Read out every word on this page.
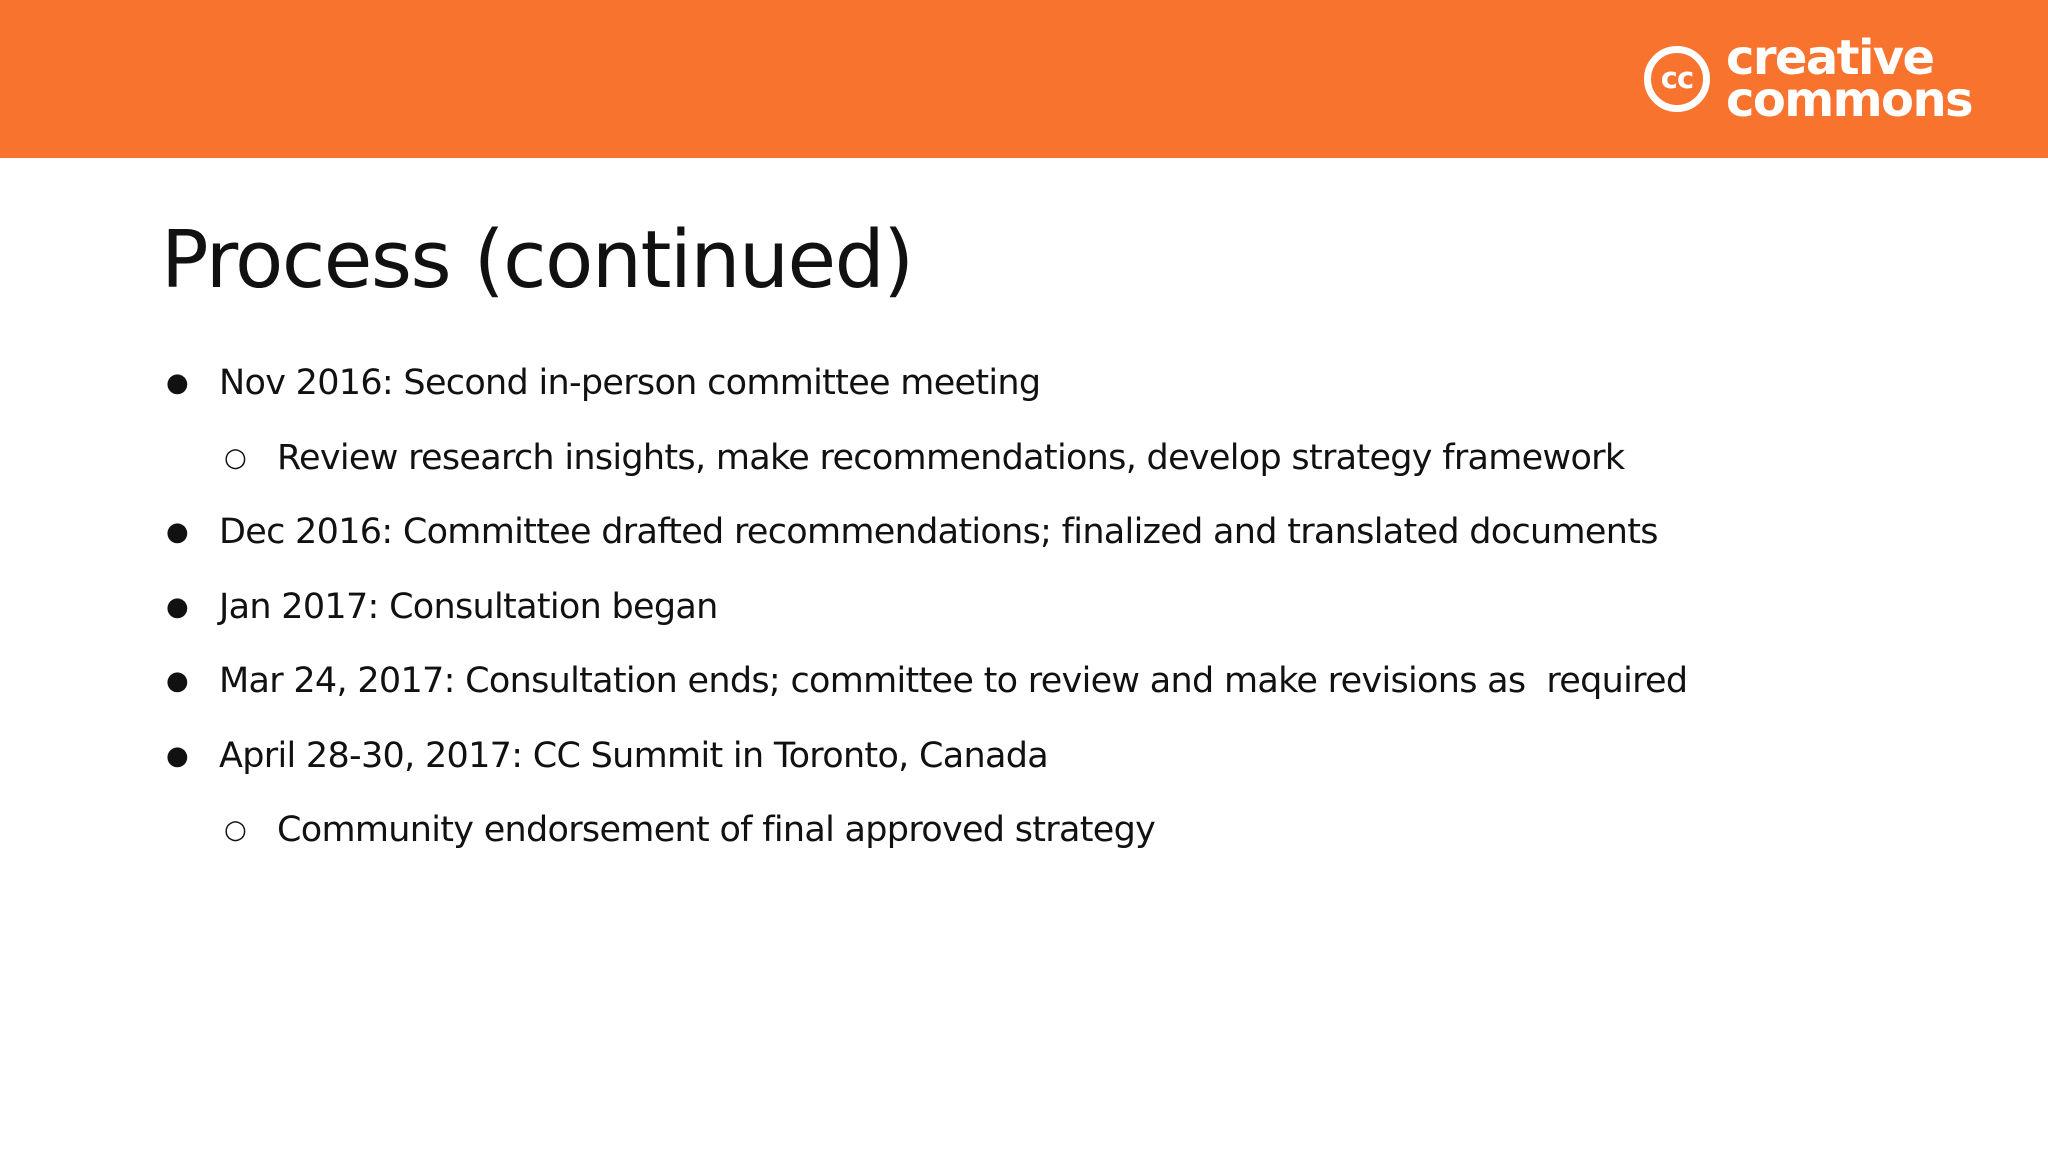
cc creative
commons
Process (continued)
● Nov 2016: Second in-person committee meeting
○ Review research insights, make recommendations, develop strategy framework
● Dec 2016: Committee drafted recommendations; finalized and translated documents
● Jan 2017: Consultation began
● Mar 24, 2017: Consultation ends; committee to review and make revisions as  required
● April 28-30, 2017: CC Summit in Toronto, Canada
○ Community endorsement of final approved strategy
